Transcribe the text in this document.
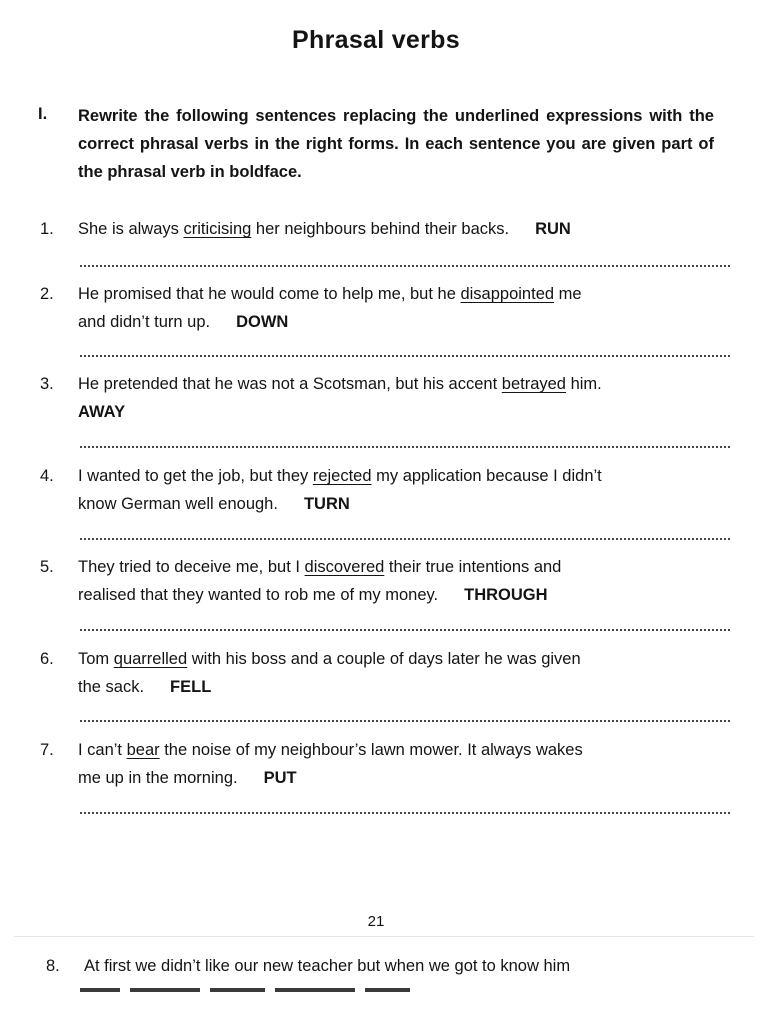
Phrasal verbs
I. Rewrite the following sentences replacing the underlined expressions with the correct phrasal verbs in the right forms. In each sentence you are given part of the phrasal verb in boldface.
1. She is always criticising her neighbours behind their backs. RUN
2. He promised that he would come to help me, but he disappointed me
and didn’t turn up. DOWN
3. He pretended that he was not a Scotsman, but his accent betrayed him.
AWAY
4. I wanted to get the job, but they rejected my application because I didn’t
know German well enough. TURN
5. They tried to deceive me, but I discovered their true intentions and
realised that they wanted to rob me of my money. THROUGH
6. Tom quarrelled with his boss and a couple of days later he was given
the sack. FELL
7. I can’t bear the noise of my neighbour’s lawn mower. It always wakes
me up in the morning. PUT
21
8. At first we didn’t like our new teacher but when we got to know him
